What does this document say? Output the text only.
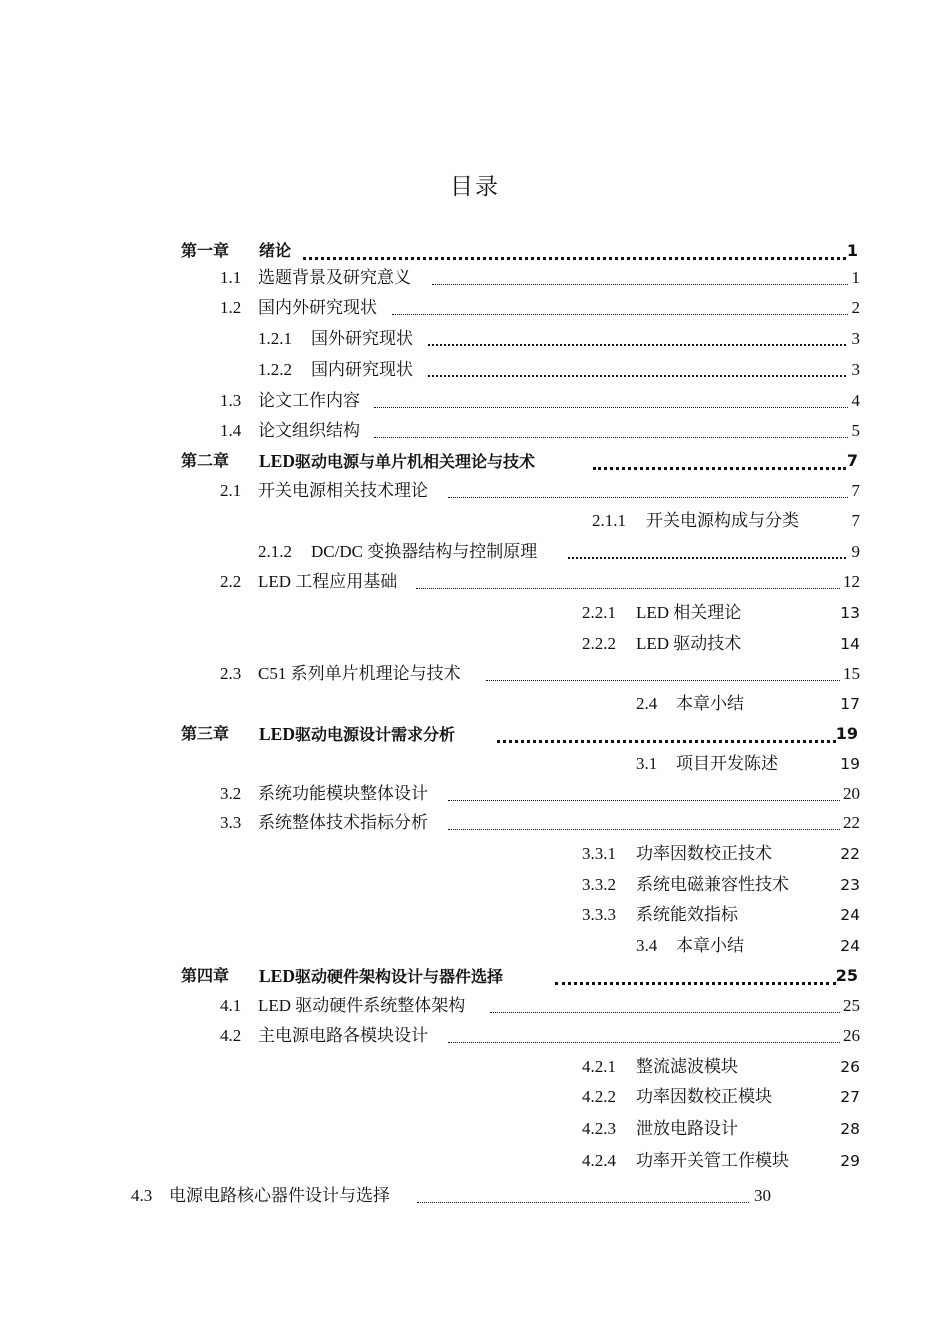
目录
第一章 绪论	1
1.1 选题背景及研究意义	1
1.2 国内外研究现状	2
1.2.1 国外研究现状	3
1.2.2 国内研究现状	3
1.3 论文工作内容	4
1.4 论文组织结构	5
第二章 LED驱动电源与单片机相关理论与技术	7
2.1 开关电源相关技术理论	7
2.1.1 开关电源构成与分类	7
2.1.2 DC/DC 变换器结构与控制原理	9
2.2 LED 工程应用基础	12
2.2.1 LED 相关理论	13
2.2.2 LED 驱动技术	14
2.3 C51 系列单片机理论与技术	15
2.4 本章小结	17
第三章 LED驱动电源设计需求分析	19
3.1 项目开发陈述	19
3.2 系统功能模块整体设计	20
3.3 系统整体技术指标分析	22
3.3.1 功率因数校正技术	22
3.3.2 系统电磁兼容性技术	23
3.3.3 系统能效指标	24
3.4 本章小结	24
第四章 LED驱动硬件架构设计与器件选择	25
4.1 LED 驱动硬件系统整体架构	25
4.2 主电源电路各模块设计	26
4.2.1 整流滤波模块	26
4.2.2 功率因数校正模块	27
4.2.3 泄放电路设计	28
4.2.4 功率开关管工作模块	29
4.3 电源电路核心器件设计与选择	30
